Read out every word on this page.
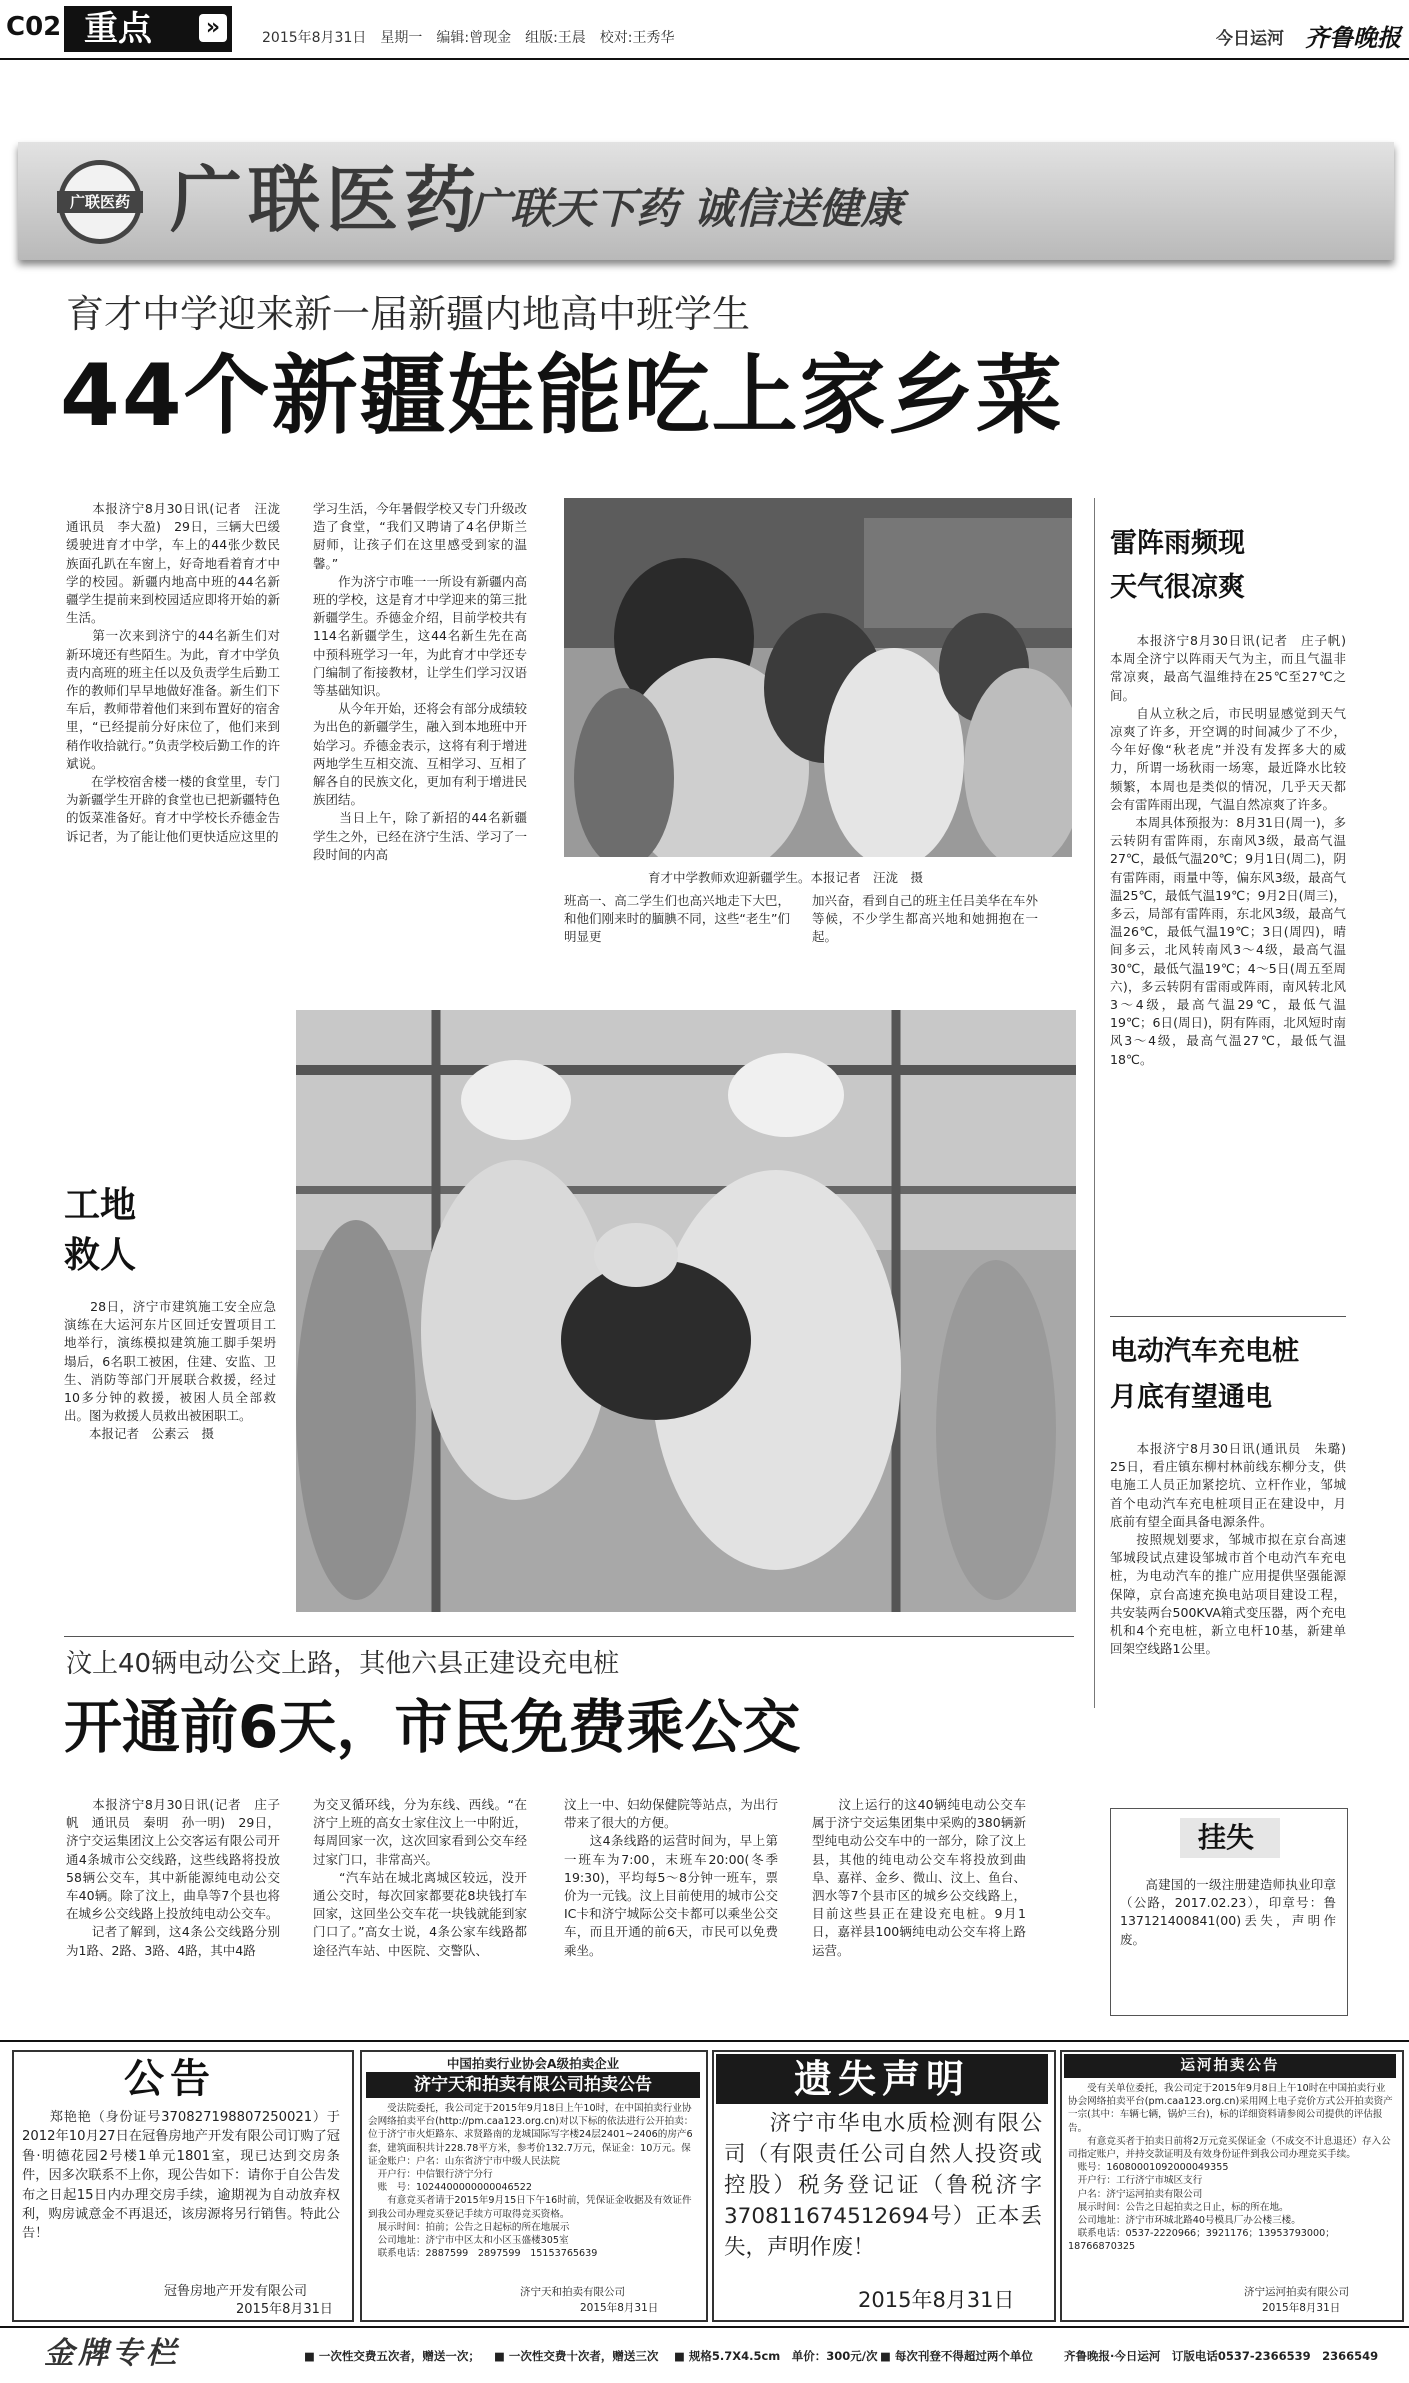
C02 重点	»	2015年8月31日　星期一　编辑:曾现金　组版:王晨　校对:王秀华	今日运河 齐鲁晚报
广联医药 广联医药
广联天下药 诚信送健康
育才中学迎来新一届新疆内地高中班学生
44个新疆娃能吃上家乡菜
　　本报济宁8月30日讯(记者　汪泷　通讯员　李大盈)　29日，三辆大巴缓缓驶进育才中学，车上的44张少数民族面孔趴在车窗上，好奇地看着育才中学的校园。新疆内地高中班的44名新疆学生提前来到校园适应即将开始的新生活。
　　第一次来到济宁的44名新生们对新环境还有些陌生。为此，育才中学负责内高班的班主任以及负责学生后勤工作的教师们早早地做好准备。新生们下车后，教师带着他们来到布置好的宿舍里，“已经提前分好床位了，他们来到稍作收拾就行。”负责学校后勤工作的许斌说。
　　在学校宿舍楼一楼的食堂里，专门为新疆学生开辟的食堂也已把新疆特色的饭菜准备好。育才中学校长乔德金告诉记者，为了能让他们更快适应这里的
学习生活，今年暑假学校又专门升级改造了食堂，“我们又聘请了4名伊斯兰厨师，让孩子们在这里感受到家的温馨。”
　　作为济宁市唯一一所设有新疆内高班的学校，这是育才中学迎来的第三批新疆学生。乔德金介绍，目前学校共有114名新疆学生，这44名新生先在高中预科班学习一年，为此育才中学还专门编制了衔接教材，让学生们学习汉语等基础知识。
　　从今年开始，还将会有部分成绩较为出色的新疆学生，融入到本地班中开始学习。乔德金表示，这将有利于增进两地学生互相交流、互相学习、互相了解各自的民族文化，更加有利于增进民族团结。
　　当日上午，除了新招的44名新疆学生之外，已经在济宁生活、学习了一段时间的内高
育才中学教师欢迎新疆学生。本报记者　汪泷　摄
班高一、高二学生们也高兴地走下大巴，和他们刚来时的腼腆不同，这些“老生”们明显更
加兴奋，看到自己的班主任吕美华在车外等候，不少学生都高兴地和她拥抱在一起。
雷阵雨频现
天气很凉爽
　　本报济宁8月30日讯(记者　庄子帆)　本周全济宁以阵雨天气为主，而且气温非常凉爽，最高气温维持在25℃至27℃之间。
　　自从立秋之后，市民明显感觉到天气凉爽了许多，开空调的时间减少了不少，今年好像“秋老虎”并没有发挥多大的威力，所谓一场秋雨一场寒，最近降水比较频繁，本周也是类似的情况，几乎天天都会有雷阵雨出现，气温自然凉爽了许多。
　　本周具体预报为：8月31日(周一)，多云转阴有雷阵雨，东南风3级，最高气温27℃，最低气温20℃；9月1日(周二)，阴有雷阵雨，雨量中等，偏东风3级，最高气温25℃，最低气温19℃；9月2日(周三)，多云，局部有雷阵雨，东北风3级，最高气温26℃，最低气温19℃；3日(周四)，晴间多云，北风转南风3～4级，最高气温30℃，最低气温19℃；4～5日(周五至周六)，多云转阴有雷雨或阵雨，南风转北风3～4级，最高气温29℃，最低气温19℃；6日(周日)，阴有阵雨，北风短时南风3～4级，最高气温27℃，最低气温18℃。
工地
救人
　　28日，济宁市建筑施工安全应急演练在大运河东片区回迁安置项目工地举行，演练模拟建筑施工脚手架坍塌后，6名职工被困，住建、安监、卫生、消防等部门开展联合救援，经过10多分钟的救援，被困人员全部救出。图为救援人员救出被困职工。
　　本报记者　公素云　摄
电动汽车充电桩
月底有望通电
　　本报济宁8月30日讯(通讯员　朱璐)　25日，看庄镇东柳村林前线东柳分支，供电施工人员正加紧挖坑、立杆作业，邹城首个电动汽车充电桩项目正在建设中，月底前有望全面具备电源条件。
　　按照规划要求，邹城市拟在京台高速邹城段试点建设邹城市首个电动汽车充电桩，为电动汽车的推广应用提供坚强能源保障，京台高速充换电站项目建设工程，共安装两台500KVA箱式变压器，两个充电机和4个充电桩，新立电杆10基，新建单回架空线路1公里。
汶上40辆电动公交上路，其他六县正建设充电桩
开通前6天，市民免费乘公交
　　本报济宁8月30日讯(记者　庄子帆　通讯员　秦明　孙一明)　29日，济宁交运集团汶上公交客运有限公司开通4条城市公交线路，这些线路将投放58辆公交车，其中新能源纯电动公交车40辆。除了汶上，曲阜等7个县也将在城乡公交线路上投放纯电动公交车。
　　记者了解到，这4条公交线路分别为1路、2路、3路、4路，其中4路
为交叉循环线，分为东线、西线。“在济宁上班的高女士家住汶上一中附近，每周回家一次，这次回家看到公交车经过家门口，非常高兴。
　　“汽车站在城北离城区较远，没开通公交时，每次回家都要花8块钱打车回家，这回坐公交车花一块钱就能到家门口了。”高女士说，4条公家车线路都途径汽车站、中医院、交警队、
汶上一中、妇幼保健院等站点，为出行带来了很大的方便。
　　这4条线路的运营时间为，早上第一班车为7:00，末班车20:00(冬季19:30)，平均每5～8分钟一班车，票价为一元钱。汶上目前使用的城市公交IC卡和济宁城际公交卡都可以乘坐公交车，而且开通的前6天，市民可以免费乘坐。
　　汶上运行的这40辆纯电动公交车属于济宁交运集团集中采购的380辆新型纯电动公交车中的一部分，除了汶上县，其他的纯电动公交车将投放到曲阜、嘉祥、金乡、微山、汶上、鱼台、泗水等7个县市区的城乡公交线路上，目前这些县正在建设充电桩。9月1日，嘉祥县100辆纯电动公交车将上路运营。
挂失
　　高建国的一级注册建造师执业印章（公路，2017.02.23），印章号：鲁137121400841(00)丢失，声明作废。
公告
　　郑艳艳（身份证号370827198807250021）于2012年10月27日在冠鲁房地产开发有限公司订购了冠鲁·明德花园2号楼1单元1801室，现已达到交房条件，因多次联系不上你，现公告如下：请你于自公告发布之日起15日内办理交房手续，逾期视为自动放弃权利，购房诚意金不再退还，该房源将另行销售。特此公告！
冠鲁房地产开发有限公司
2015年8月31日
中国拍卖行业协会A级拍卖企业
济宁天和拍卖有限公司拍卖公告
　　受法院委托，我公司定于2015年9月18日上午10时，在中国拍卖行业协会网络拍卖平台(http://pm.caa123.org.cn)对以下标的依法进行公开拍卖：位于济宁市火炬路东、求贤路南的龙城国际写字楼24层2401~2406的房产6套，建筑面积共计228.78平方米，参考价132.7万元，保证金：10万元。保证金账户：户名：山东省济宁市中级人民法院
　开户行：中信银行济宁分行
　账　号：1024400000000046522
　　有意竞买者请于2015年9月15日下午16时前，凭保证金收据及有效证件到我公司办理竞买登记手续方可取得竞买资格。
　展示时间：拍前；公告之日起标的所在地展示
　公司地址：济宁市中区太和小区玉盛楼305室
　联系电话：2887599　2897599　15153765639
济宁天和拍卖有限公司
2015年8月31日
遗失声明
　　济宁市华电水质检测有限公司（有限责任公司自然人投资或控股）税务登记证（鲁税济字370811674512694号）正本丢失，声明作废！
2015年8月31日
运河拍卖公告
　　受有关单位委托，我公司定于2015年9月8日上午10时在中国拍卖行业协会网络拍卖平台(pm.caa123.org.cn)采用网上电子竞价方式公开拍卖资产一宗(其中：车辆七辆，锅炉三台)，标的详细资料请参阅公司提供的评估报告。
　　有意竞买者于拍卖日前将2万元竞买保证金（不成交不计息退还）存入公司指定账户，并持交款证明及有效身份证件到我公司办理竞买手续。
　账号：16080001092000049355
　开户行：工行济宁市城区支行
　户名：济宁运河拍卖有限公司
　展示时间：公告之日起拍卖之日止，标的所在地。
　公司地址：济宁市环城北路40号模具厂办公楼三楼。
　联系电话：0537-2220966；3921176；13953793000；18766870325
济宁运河拍卖有限公司
2015年8月31日
金牌专栏	■ 一次性交费五次者，赠送一次； ■ 一次性交费十次者，赠送三次 ■ 规格5.7X4.5cm　单价：300元/次 ■ 每次刊登不得超过两个单位	齐鲁晚报·今日运河　订版电话0537-2366539　2366549
